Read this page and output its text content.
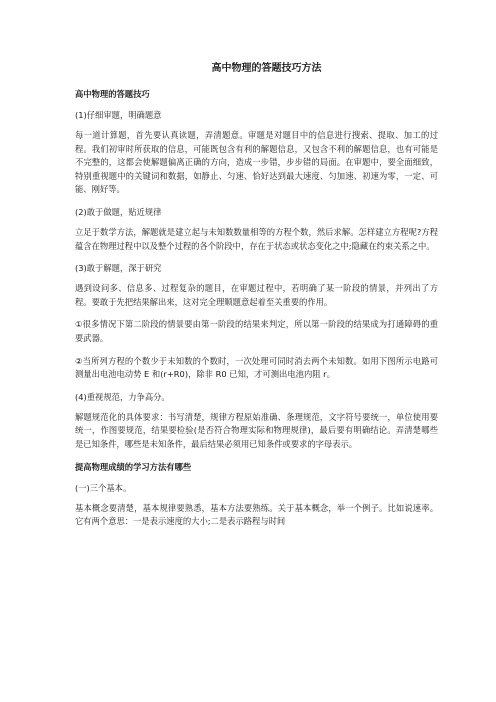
高中物理的答题技巧方法
高中物理的答题技巧
(1)仔细审题，明确题意
每一道计算题，首先要认真读题，弄清题意。审题是对题目中的信息进行搜索、提取、加工的过程。我们初审时所获取的信息，可能既包含有利的解题信息，又包含不利的解题信息，也有可能是不完整的，这都会使解题偏离正确的方向，造成一步错，步步错的局面。在审题中，要全面细致，特别重视题中的关键词和数据，如静止、匀速、恰好达到最大速度、匀加速、初速为零，一定、可能、刚好等。
(2)敢于做题，贴近规律
立足于数学方法，解题就是建立起与未知数数量相等的方程个数，然后求解。怎样建立方程呢?方程蕴含在物理过程中以及整个过程的各个阶段中，存在于状态或状态变化之中;隐藏在约束关系之中。
(3)敢于解题，深于研究
遇到设问多、信息多、过程复杂的题目，在审题过程中，若明确了某一阶段的情景，并列出了方程。要敢于先把结果解出来，这对完全理顺题意起着至关重要的作用。
①很多情况下第二阶段的情景要由第一阶段的结果来判定，所以第一阶段的结果成为打通障碍的重要武器。
②当所列方程的个数少于未知数的个数时，一次处理可同时消去两个未知数。如用下图所示电路可测量出电池电动势 E 和(r+R0)，除非 R0 已知，才可测出电池内阻 r。
(4)重视规范，力争高分。
解题规范化的具体要求：书写清楚，规律方程原始准确、条理规范，文字符号要统一，单位使用要统一，作图要规范，结果要检验(是否符合物理实际和物理规律)，最后要有明确结论。弄清楚哪些是已知条件，哪些是未知条件，最后结果必须用已知条件或要求的字母表示。
提高物理成绩的学习方法有哪些
(一)三个基本。
基本概念要清楚，基本规律要熟悉，基本方法要熟练。关于基本概念，举一个例子。比如说速率。它有两个意思：一是表示速度的大小;二是表示路程与时间
